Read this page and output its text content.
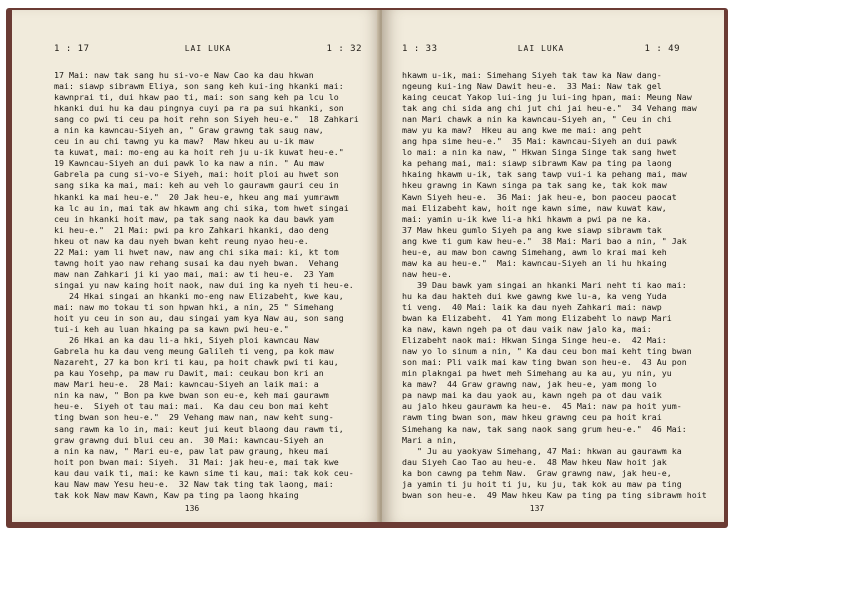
1 : 17	LAI LUKA	1 : 32
17 Mai: naw tak sang hu si-vo-e Naw Cao ka dau hkwan
mai: siawp sibrawm Eliya, son sang keh kui-ing hkanki mai:
kawnprai ti, dui hkaw pao ti, mai: son sang keh pa lcu lo
hkanki dui hu ka dau pingnya cuyi pa ra pa sui hkanki, son
sang co pwi ti ceu pa hoit rehn son Siyeh heu-e."  18 Zahkari
a nin ka kawncau-Siyeh an, " Graw grawng tak saug naw,
ceu in au chi tawng yu ka maw?  Maw hkeu au u-ik maw
ta kuwat, mai: mo-eng au ka hoit reh ju u-ik kuwat heu-e."
19 Kawncau-Siyeh an dui pawk lo ka naw a nin. " Au maw
Gabrela pa cung si-vo-e Siyeh, mai: hoit ploi au hwet son
sang sika ka mai, mai: keh au veh lo gaurawm gauri ceu in
hkanki ka mai heu-e."  20 Jak heu-e, hkeu ang mai yumrawm
ka lc au in, mai tak aw hkawm ang chi sika, tom hwet singai
ceu in hkanki hoit maw, pa tak sang naok ka dau bawk yam
ki heu-e."  21 Mai: pwi pa kro Zahkari hkanki, dao deng
hkeu ot naw ka dau nyeh bwan keht reung nyao heu-e.
22 Mai: yam li hwet naw, naw ang chi sika mai: ki, kt tom
tawng hoit yao naw rehang susai ka dau nyeh bwan.  Vehang
maw nan Zahkari ji ki yao mai, mai: aw ti heu-e.  23 Yam
singai yu naw kaing hoit naok, naw dui ing ka nyeh ti heu-e.
24 Hkai singai an hkanki mo-eng naw Elizabeht, kwe kau,
mai: naw mo tokau ti son hpwan hki, a nin, 25 " Simehang
hoit yu ceu in son au, dau singai yam kya Naw au, son sang
tui-i keh au luan hkaing pa sa kawn pwi heu-e."
26 Hkai an ka dau li-a hki, Siyeh ploi kawncau Naw
Gabrela hu ka dau veng meung Galileh ti veng, pa kok maw
Nazareht, 27 ka bon kri ti kau, pa hoit chawk pwi ti kau,
pa kau Yosehp, pa maw ru Dawit, mai: ceukau bon kri an
maw Mari heu-e.  28 Mai: kawncau-Siyeh an laik mai: a
nin ka naw, " Bon pa kwe bwan son eu-e, keh mai gaurawm
heu-e.  Siyeh ot tau mai: mai.  Ka dau ceu bon mai keht
ting bwan son heu-e."  29 Vehang maw nan, naw keht sung-
sang rawm ka lo in, mai: keut jui keut blaong dau rawm ti,
graw grawng dui blui ceu an.  30 Mai: kawncau-Siyeh an
a nin ka naw, " Mari eu-e, paw lat paw graung, hkeu mai
hoit pon bwan mai: Siyeh.  31 Mai: jak heu-e, mai tak kwe
kau dau vaik ti, mai: ke kawn sime ti kau, mai: tak kok ceu-
kau Naw maw Yesu heu-e.  32 Naw tak ting tak laong, mai:
tak kok Naw maw Kawn, Kaw pa ting pa laong hkaing
136
1 : 33	LAI LUKA	1 : 49
hkawm u-ik, mai: Simehang Siyeh tak taw ka Naw dang-
ngeung kui-ing Naw Dawit heu-e.  33 Mai: Naw tak gel
kaing ceucat Yakop lui-ing ju lui-ing hpan, mai: Meung Naw
tak ang chi sida ang chi jut chi jai heu-e."  34 Vehang maw
nan Mari chawk a nin ka kawncau-Siyeh an, " Ceu in chi
maw yu ka maw?  Hkeu au ang kwe me mai: ang peht
ang hpa sime heu-e."  35 Mai: kawncau-Siyeh an dui pawk
lo mai: a nin ka naw, " Hkwan Singa Singe tak sang hwet
ka pehang mai, mai: siawp sibrawm Kaw pa ting pa laong
hkaing hkawm u-ik, tak sang tawp vui-i ka pehang mai, maw
hkeu grawng in Kawn singa pa tak sang ke, tak kok maw
Kawn Siyeh heu-e.  36 Mai: jak heu-e, bon paoceu paocat
mai Elizabeht kaw, hoit nge kawn sime, naw kuwat kaw,
mai: yamin u-ik kwe li-a hki hkawm a pwi pa ne ka.
37 Maw hkeu gumlo Siyeh pa ang kwe siawp sibrawm tak
ang kwe ti gum kaw heu-e."  38 Mai: Mari bao a nin, " Jak
heu-e, au maw bon cawng Simehang, awm lo krai mai keh
maw ka au heu-e."  Mai: kawncau-Siyeh an li hu hkaing
naw heu-e.
39 Dau bawk yam singai an hkanki Mari neht ti kao mai:
hu ka dau hakteh dui kwe gawng kwe lu-a, ka veng Yuda
ti veng.  40 Mai: laik ka dau nyeh Zahkari mai: nawp
bwan ka Elizabeht.  41 Yam mong Elizabeht lo nawp Mari
ka naw, kawn ngeh pa ot dau vaik naw jalo ka, mai:
Elizabeht naok mai: Hkwan Singa Singe heu-e.  42 Mai:
naw yo lo sinum a nin, " Ka dau ceu bon mai keht ting bwan
son mai: Pli vaik mai kaw ting bwan son heu-e.  43 Au pon
min plakngai pa hwet meh Simehang au ka au, yu nin, yu
ka maw?  44 Graw grawng naw, jak heu-e, yam mong lo
pa nawp mai ka dau yaok au, kawn ngeh pa ot dau vaik
au jalo hkeu gaurawm ka heu-e.  45 Mai: naw pa hoit yum-
rawm ting bwan son, maw hkeu grawng ceu pa hoit krai
Simehang ka naw, tak sang naok sang grum heu-e."  46 Mai:
Mari a nin,
" Ju au yaokyaw Simehang, 47 Mai: hkwan au gaurawm ka
dau Siyeh Cao Tao au heu-e.  48 Maw hkeu Naw hoit jak
ka bon cawng pa tehm Naw.  Graw grawng naw, jak heu-e,
ja yamin ti ju hoit ti ju, ku ju, tak kok au maw pa ting
bwan son heu-e.  49 Maw hkeu Kaw pa ting pa ting sibrawm hoit
137
